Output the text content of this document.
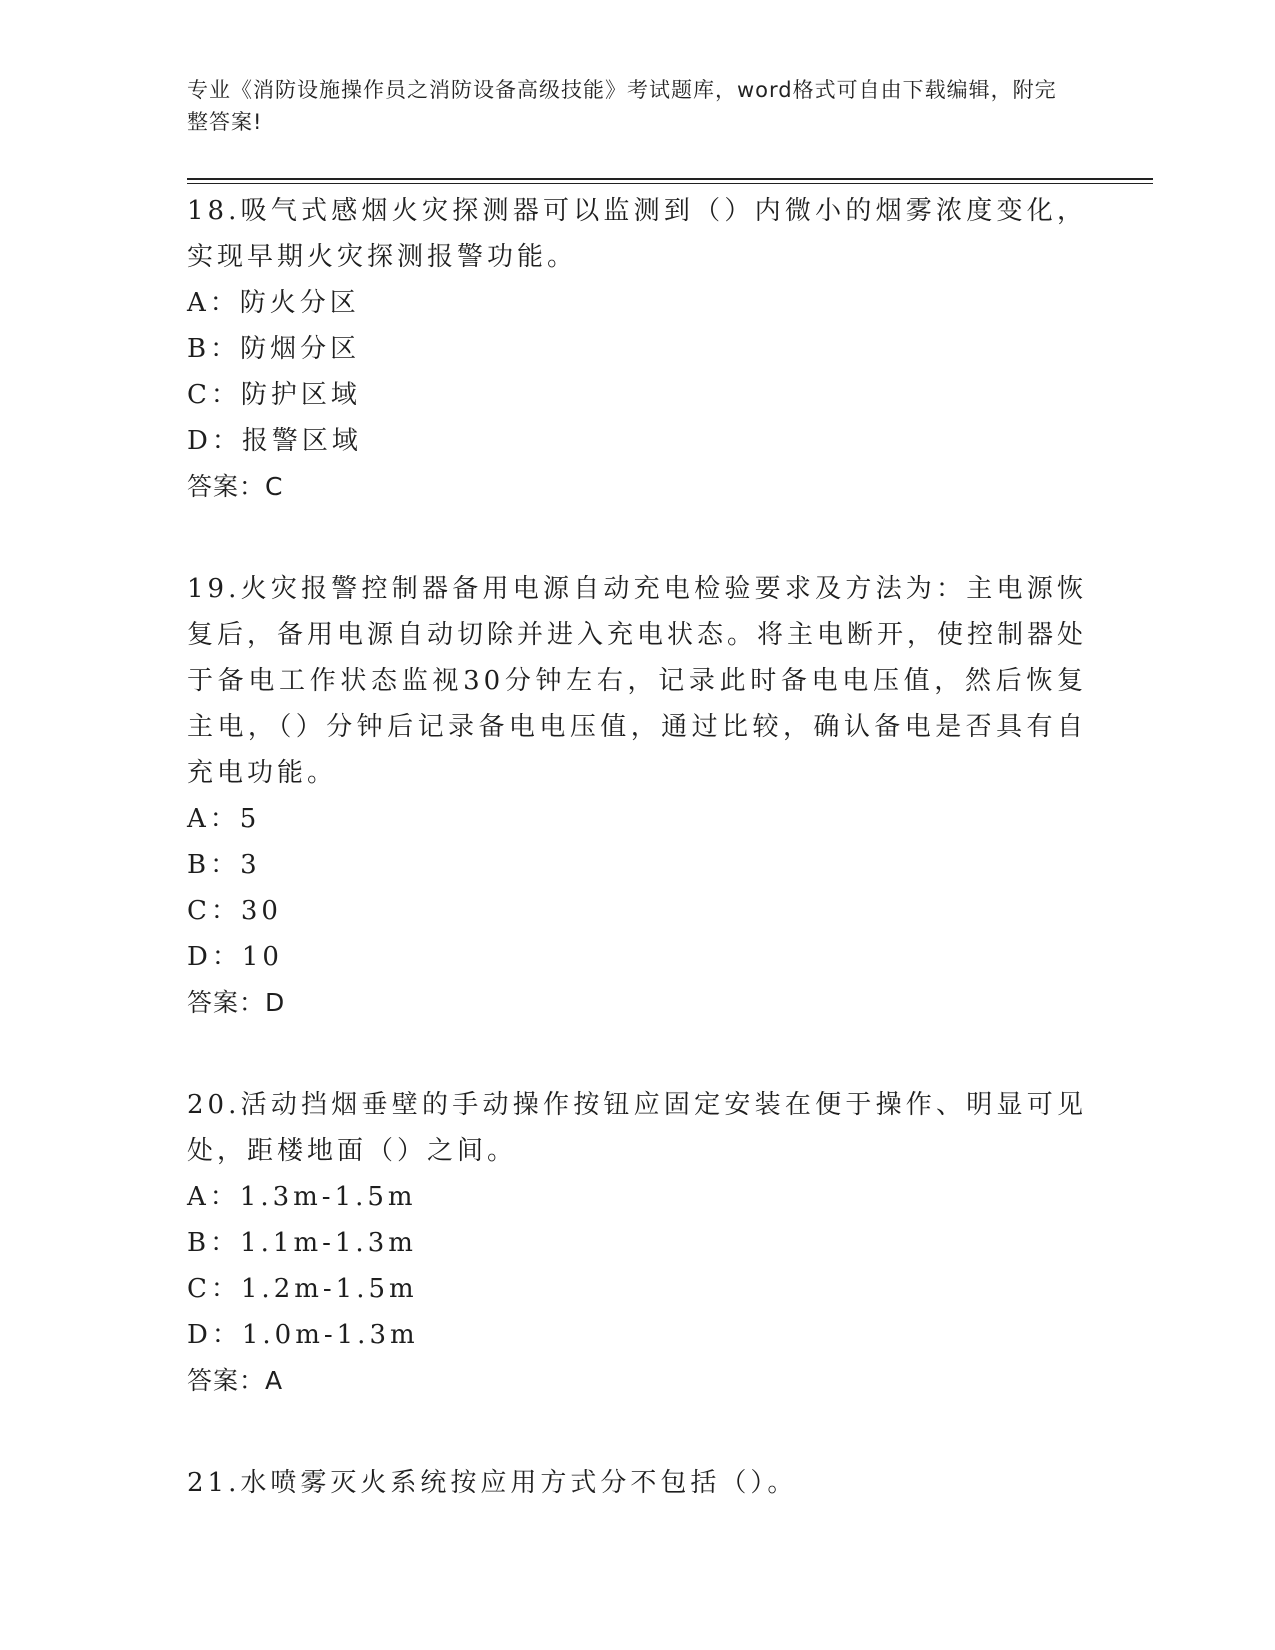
专业《消防设施操作员之消防设备高级技能》考试题库，word格式可自由下载编辑，附完整答案!

18.吸气式感烟火灾探测器可以监测到（）内微小的烟雾浓度变化，实现早期火灾探测报警功能。

A：防火分区

B：防烟分区

C：防护区域

D：报警区域

答案：C

19.火灾报警控制器备用电源自动充电检验要求及方法为：主电源恢复后，备用电源自动切除并进入充电状态。将主电断开，使控制器处于备电工作状态监视30分钟左右，记录此时备电电压值，然后恢复主电，（）分钟后记录备电电压值，通过比较，确认备电是否具有自充电功能。

A：5

B：3

C：30

D：10

答案：D

20.活动挡烟垂壁的手动操作按钮应固定安装在便于操作、明显可见处，距楼地面（）之间。

A：1.3m-1.5m

B：1.1m-1.3m

C：1.2m-1.5m

D：1.0m-1.3m

答案：A

21.水喷雾灭火系统按应用方式分不包括（）。
